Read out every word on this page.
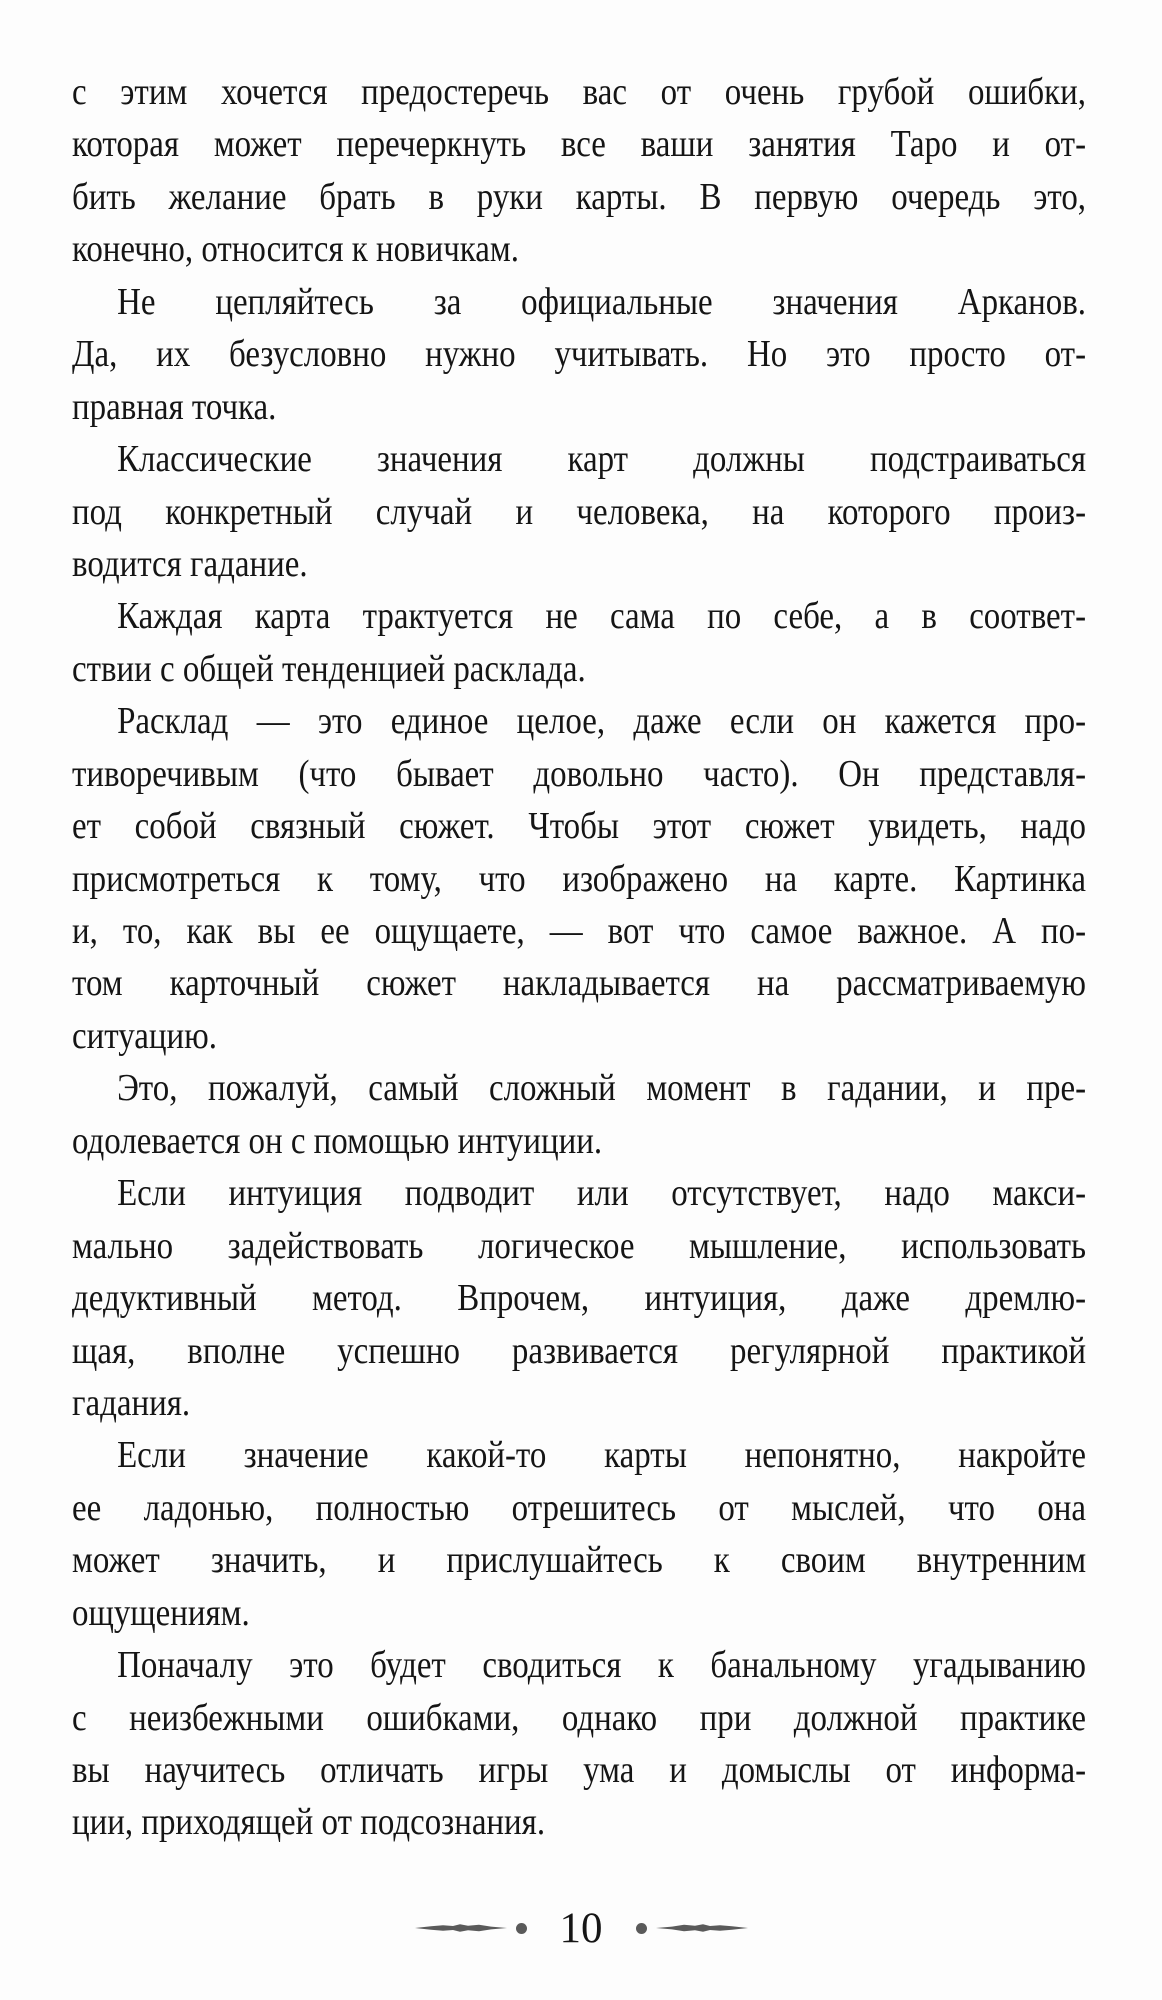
с этим хочется предостеречь вас от очень грубой ошибки,

которая может перечеркнуть все ваши занятия Таро и от-

бить желание брать в руки карты. В первую очередь это,

конечно, относится к новичкам.

Не цепляйтесь за официальные значения Арканов.

Да, их безусловно нужно учитывать. Но это просто от-

правная точка.

Классические значения карт должны подстраиваться

под конкретный случай и человека, на которого произ-

водится гадание.

Каждая карта трактуется не сама по себе, а в соответ-

ствии с общей тенденцией расклада.

Расклад — это единое целое, даже если он кажется про-

тиворечивым (что бывает довольно часто). Он представля-

ет собой связный сюжет. Чтобы этот сюжет увидеть, надо

присмотреться к тому, что изображено на карте. Картинка

и, то, как вы ее ощущаете, — вот что самое важное. А по-

том карточный сюжет накладывается на рассматриваемую

ситуацию.

Это, пожалуй, самый сложный момент в гадании, и пре-

одолевается он с помощью интуиции.

Если интуиция подводит или отсутствует, надо макси-

мально задействовать логическое мышление, использовать

дедуктивный метод. Впрочем, интуиция, даже дремлю-

щая, вполне успешно развивается регулярной практикой

гадания.

Если значение какой-то карты непонятно, накройте

ее ладонью, полностью отрешитесь от мыслей, что она

может значить, и прислушайтесь к своим внутренним

ощущениям.

Поначалу это будет сводиться к банальному угадыванию

с неизбежными ошибками, однако при должной практике

вы научитесь отличать игры ума и домыслы от информа-

ции, приходящей от подсознания.

10
